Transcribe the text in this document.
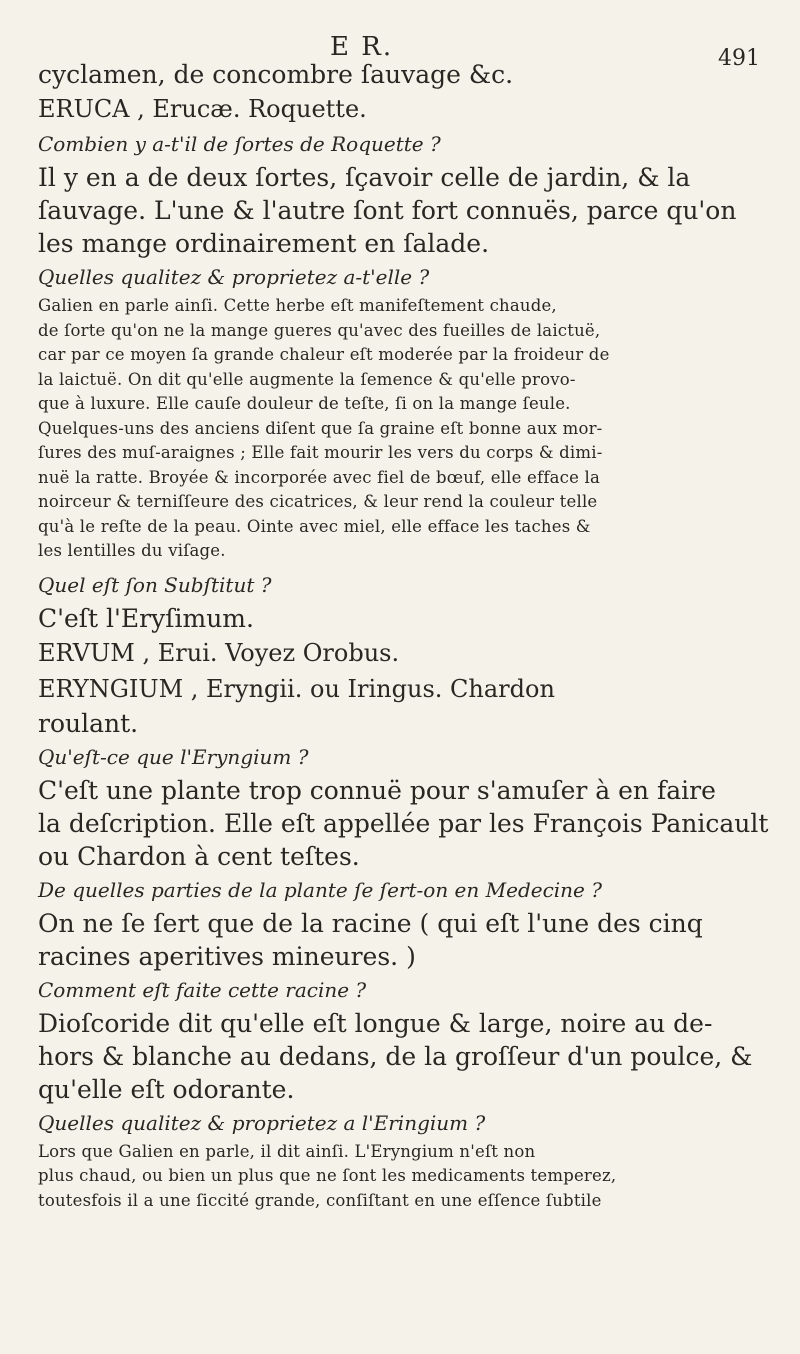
E R.	491

cyclamen, de concombre ſauvage &c.

ERUCA , Erucæ. Roquette.

Combien y a-t'il de ſortes de Roquette ?

Il y en a de deux ſortes, ſçavoir celle de jardin, & la

ſauvage. L'une & l'autre ſont fort connuës, parce qu'on

les mange ordinairement en ſalade.

Quelles qualitez & proprietez a-t'elle ?

Galien en parle ainſi. Cette herbe eſt manifeſtement chaude,

de ſorte qu'on ne la mange gueres qu'avec des fueilles de laictuë,

car par ce moyen ſa grande chaleur eſt moderée par la froideur de

la laictuë. On dit qu'elle augmente la ſemence & qu'elle provo-

que à luxure. Elle cauſe douleur de teſte, ſi on la mange ſeule.

Quelques-uns des anciens diſent que ſa graine eſt bonne aux mor-

ſures des muſ-araignes ; Elle fait mourir les vers du corps & dimi-

nuë la ratte. Broyée & incorporée avec fiel de bœuf, elle efface la

noirceur & terniſſeure des cicatrices, & leur rend la couleur telle

qu'à le reſte de la peau. Ointe avec miel, elle efface les taches &

les lentilles du viſage.

Quel eſt ſon Subſtitut ?

C'eſt l'Eryſimum.

ERVUM , Erui. Voyez Orobus.

ERYNGIUM , Eryngii. ou Iringus. Chardon

roulant.

Qu'eſt-ce que l'Eryngium ?

C'eſt une plante trop connuë pour s'amuſer à en faire

la deſcription. Elle eſt appellée par les François Panicault

ou Chardon à cent teſtes.

De quelles parties de la plante ſe ſert-on en Medecine ?

On ne ſe ſert que de la racine ( qui eſt l'une des cinq

racines aperitives mineures. )

Comment eſt faite cette racine ?

Dioſcoride dit qu'elle eſt longue & large, noire au de-

hors & blanche au dedans, de la groſſeur d'un poulce, &

qu'elle eſt odorante.

Quelles qualitez & proprietez a l'Eringium ?

Lors que Galien en parle, il dit ainſi. L'Eryngium n'eſt non

plus chaud, ou bien un plus que ne ſont les medicaments temperez,

toutesfois il a une ſiccité grande, conſiſtant en une eſſence ſubtile
